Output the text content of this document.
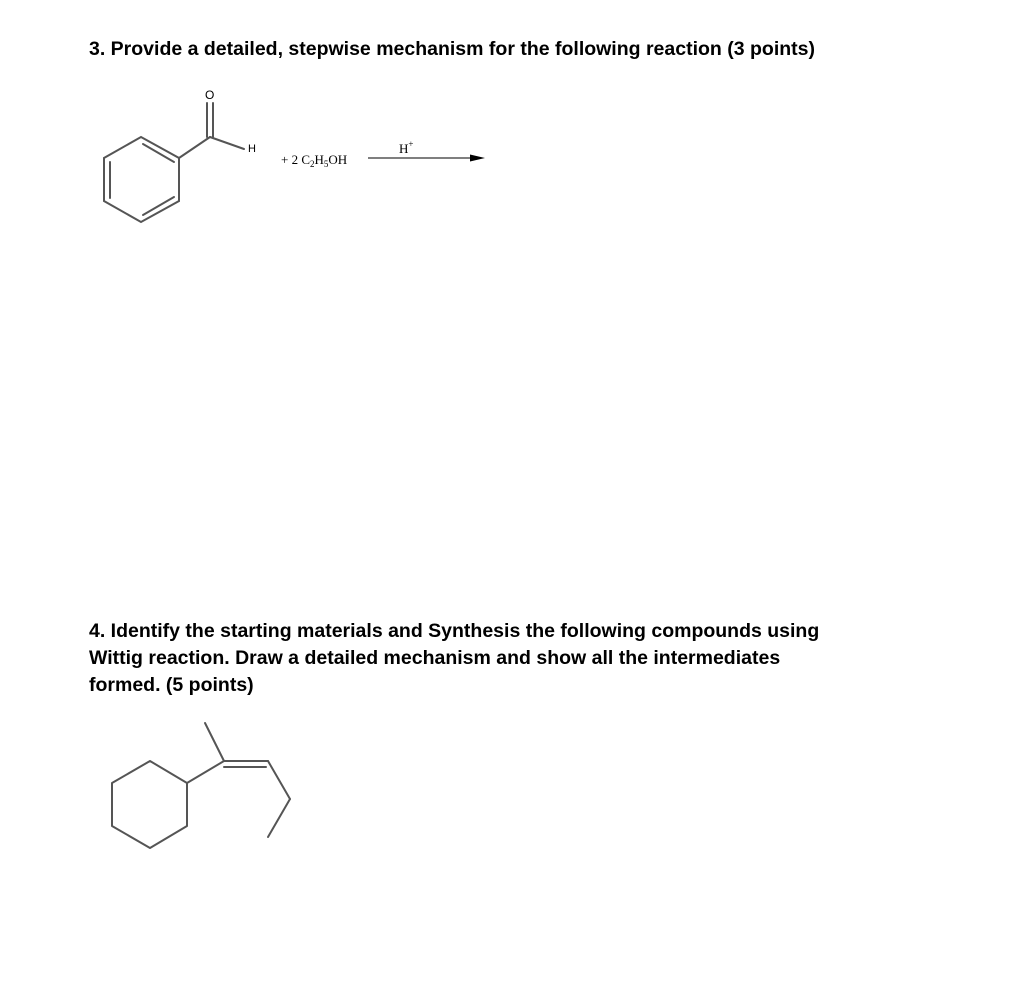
3. Provide a detailed, stepwise mechanism for the following reaction (3 points)

O
H
+ 2 $C_2H_5OH$
H+
4. Identify the starting materials and Synthesis the following compounds using
Wittig reaction. Draw a detailed mechanism and show all the intermediates
formed. (5 points)
